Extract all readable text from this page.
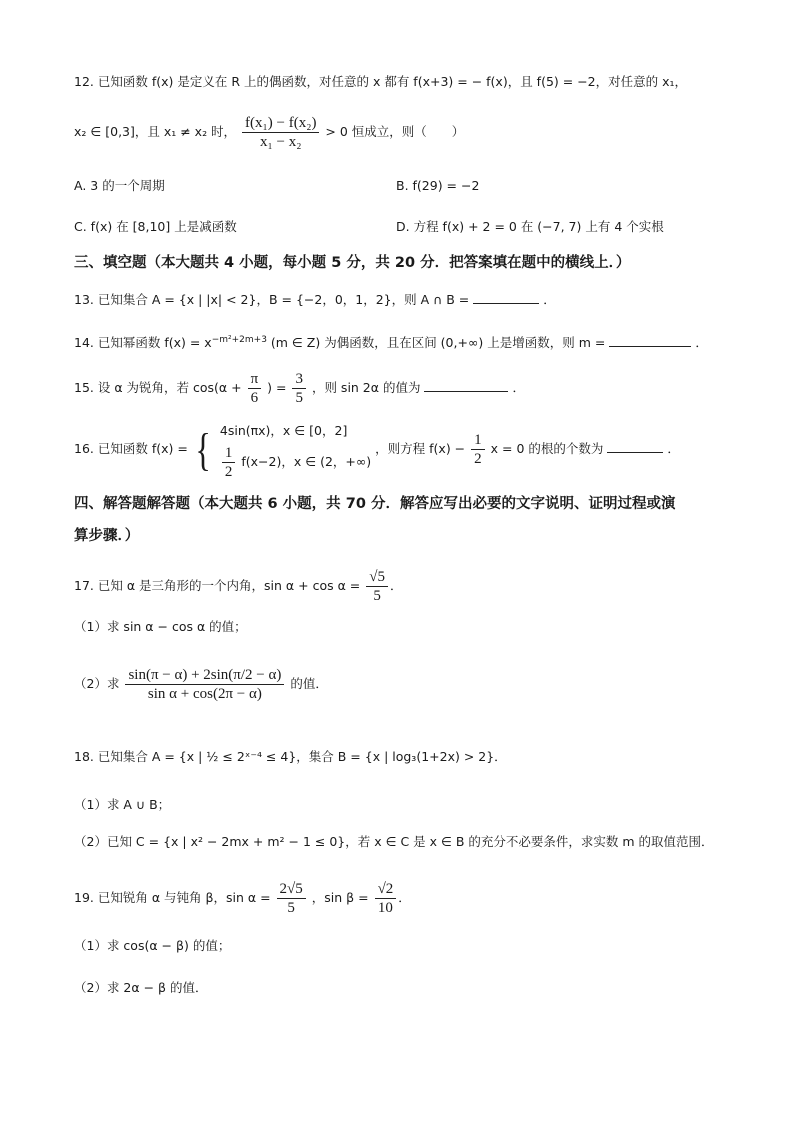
12. 已知函数 f(x) 是定义在 R 上的偶函数，对任意的 x 都有 f(x+3) = − f(x)，且 f(5) = −2，对任意的 x₁，
x₂ ∈ [0,3]，且 x₁ ≠ x₂ 时， $\frac{\text{f(x₁) − f(x₂)}}{\text{x₁ − x₂}} > 0$ 恒成立，则（　　）
A. 3 的一个周期	B. f(29) = −2
C. f(x) 在 [8,10] 上是减函数	D. 方程 f(x) + 2 = 0 在 (−7, 7) 上有 4 个实根
三、填空题（本大题共 4 小题，每小题 5 分，共 20 分．把答案填在题中的横线上．）
13. 已知集合 A = {x | |x| < 2}，B = {−2，0，1，2}，则 A ∩ B =	．
14. 已知幂函数 $f(x) = x^{-m^2+2m+3}$ (m ∈ Z) 为偶函数，且在区间 (0,+∞) 上是增函数，则 m =	．
15. 设 α 为锐角，若 $\cos(\alpha + \frac{\pi}{6}$ ) = $\frac{3}{5}$ ，则 sin 2α 的值为	．
16. 已知函数 f(x) = { 4sin(πx)，x ∈ [0，2]
$\frac{1}{2} f(x-2)$，x ∈ (2，+∞)
，则方程 $f(x) - \frac{1}{2}$ x = 0 的根的个数为	．
四、解答题解答题（本大题共 6 小题，共 70 分．解答应写出必要的文字说明、证明过程或演
算步骤．）
17. 已知 α 是三角形的一个内角，$\sin \alpha + \cos \alpha = \frac{√5}{5}$ ．
（1）求 sin α − cos α 的值；
（2）求 $\frac{\sin(\pi - \alpha) + 2\sin(\pi/2 - \alpha)}{\text{sin α + cos(2π − α)}}$ 的值．
18. 已知集合 A = {x | ½ ≤ 2ˣ⁻⁴ ≤ 4}，集合 B = {x | log₃(1+2x) > 2}．
（1）求 A ∪ B；
（2）已知 C = {x | x² − 2mx + m² − 1 ≤ 0}，若 x ∈ C 是 x ∈ B 的充分不必要条件，求实数 m 的取值范围．
19. 已知锐角 α 与钝角 β，$\sin \alpha = \frac{2√5}{5}$ ，$\sin \beta = \frac{√2}{10}$ ．
（1）求 cos(α − β) 的值；
（2）求 2α − β 的值．
